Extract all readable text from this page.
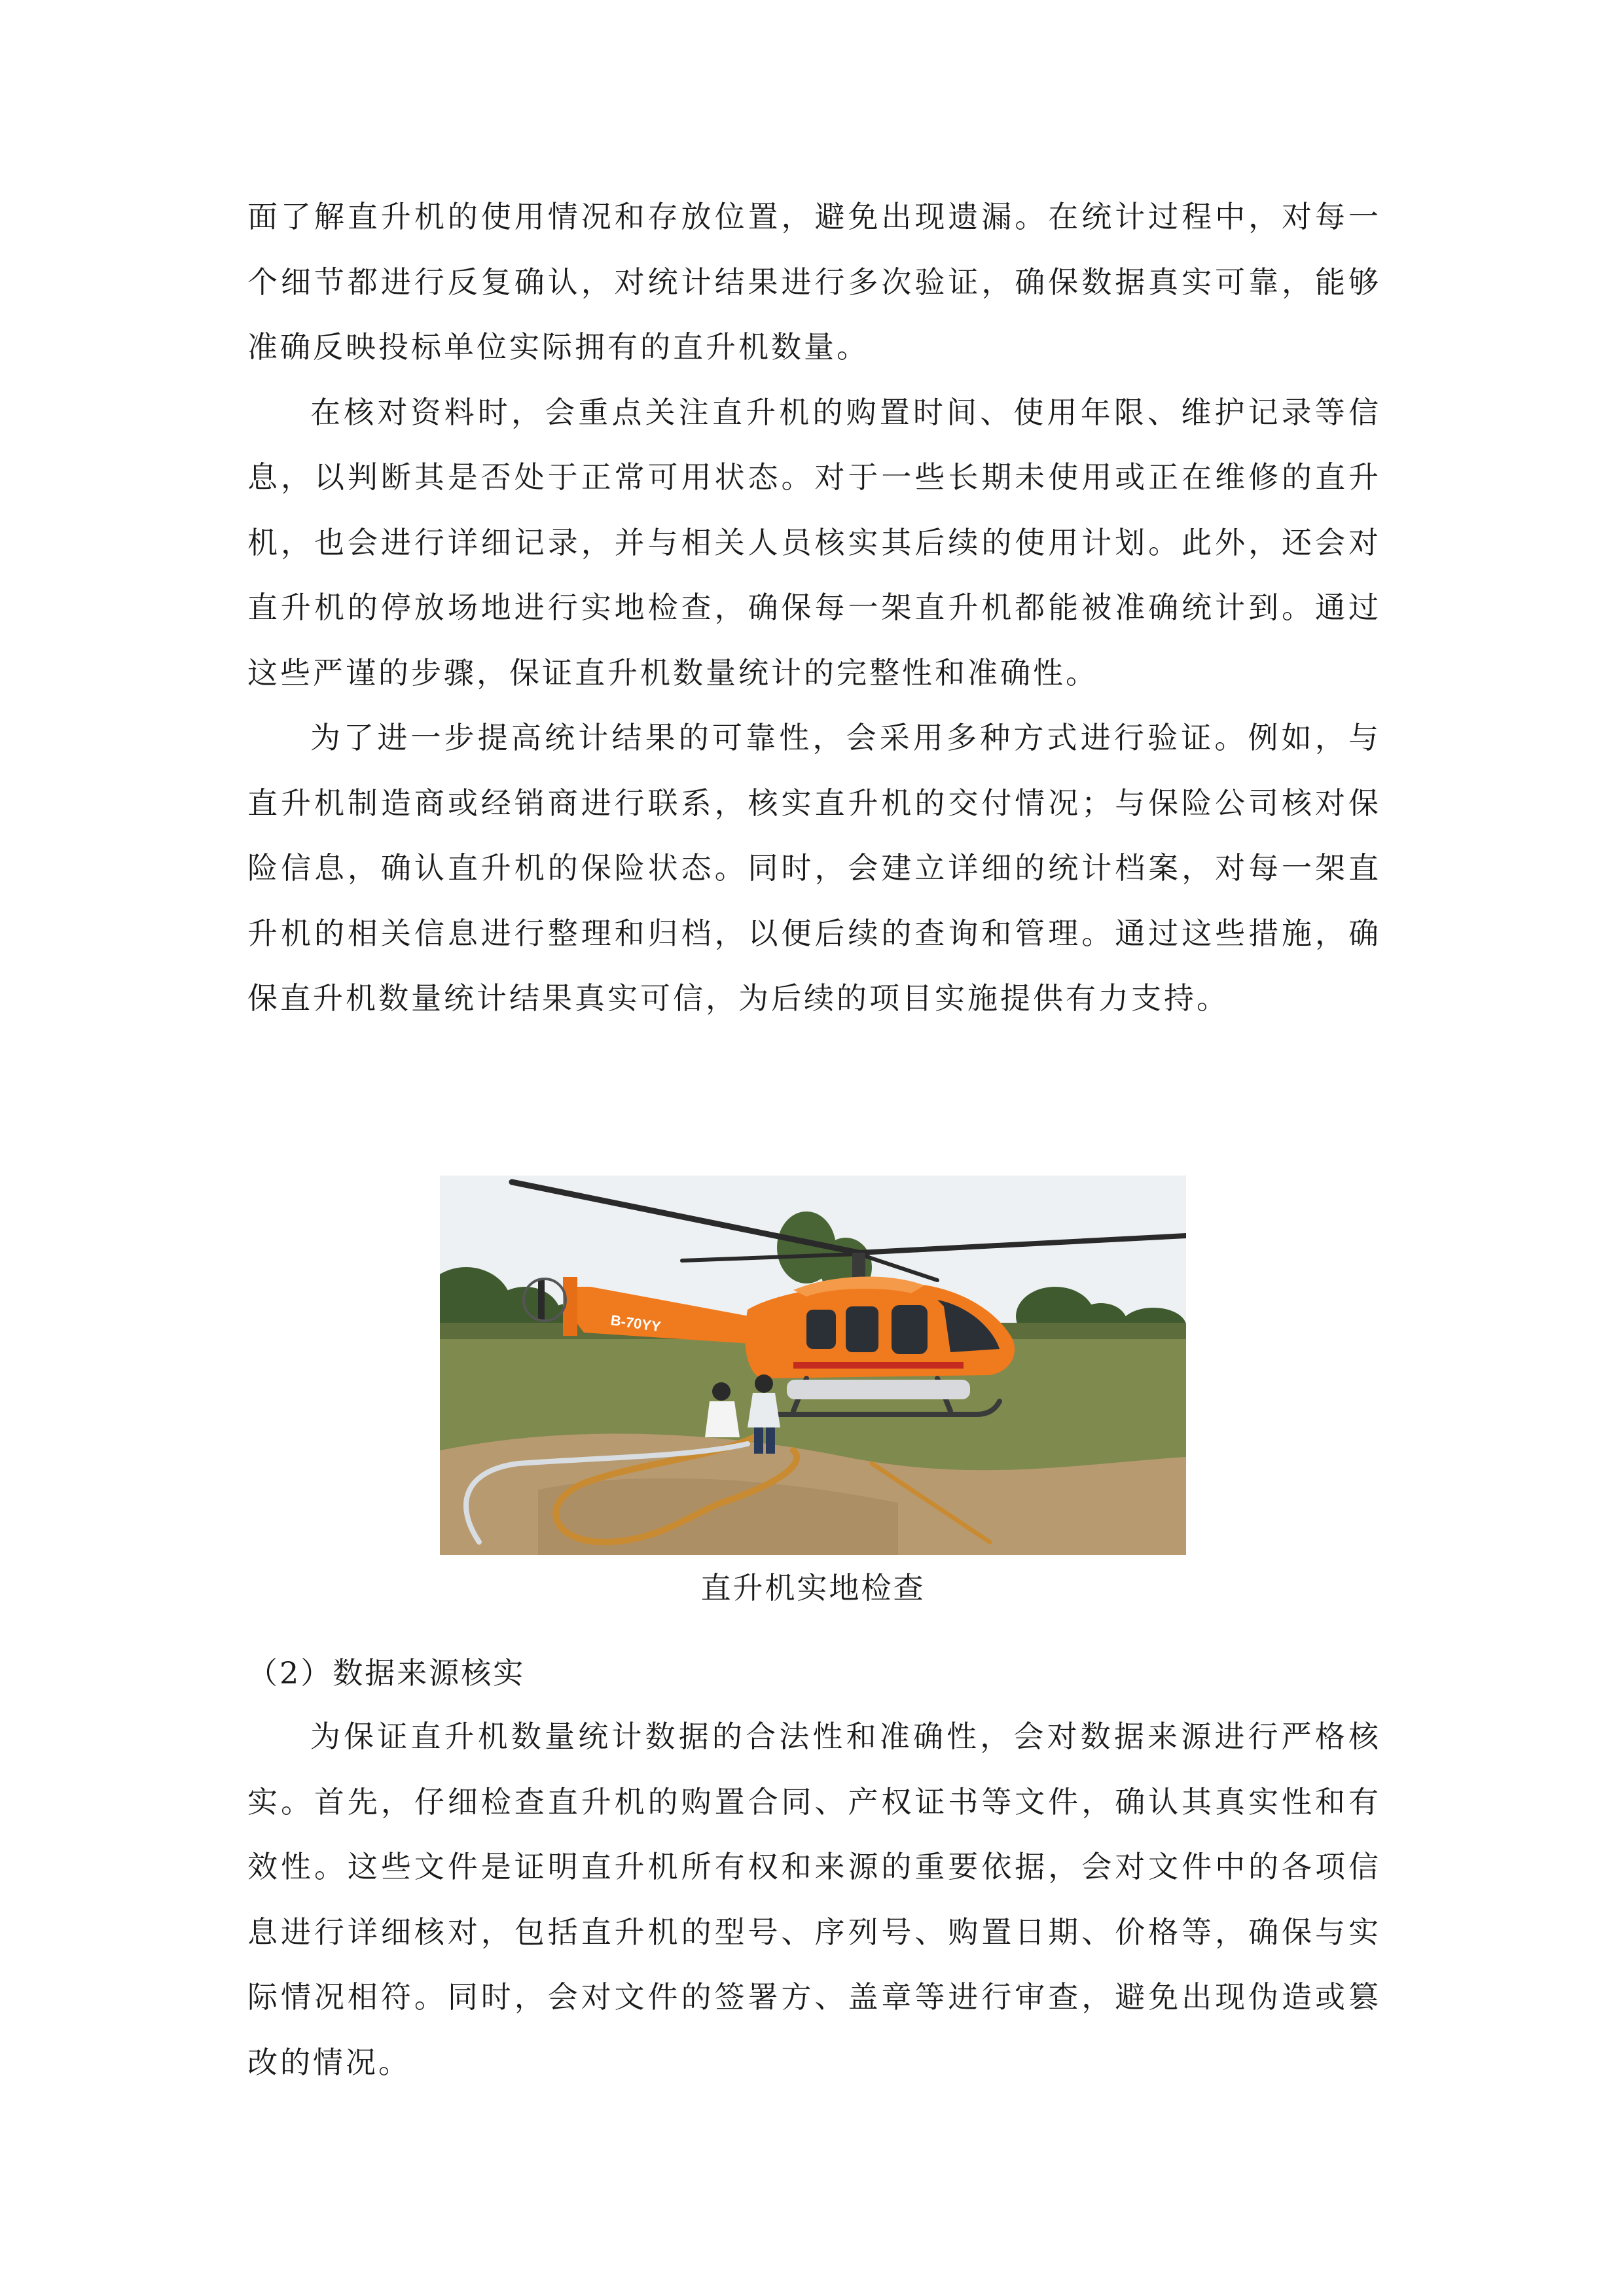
面了解直升机的使用情况和存放位置，避免出现遗漏。在统计过程中，对每一个细节都进行反复确认，对统计结果进行多次验证，确保数据真实可靠，能够准确反映投标单位实际拥有的直升机数量。

在核对资料时，会重点关注直升机的购置时间、使用年限、维护记录等信息，以判断其是否处于正常可用状态。对于一些长期未使用或正在维修的直升机，也会进行详细记录，并与相关人员核实其后续的使用计划。此外，还会对直升机的停放场地进行实地检查，确保每一架直升机都能被准确统计到。通过这些严谨的步骤，保证直升机数量统计的完整性和准确性。

为了进一步提高统计结果的可靠性，会采用多种方式进行验证。例如，与直升机制造商或经销商进行联系，核实直升机的交付情况；与保险公司核对保险信息，确认直升机的保险状态。同时，会建立详细的统计档案，对每一架直升机的相关信息进行整理和归档，以便后续的查询和管理。通过这些措施，确保直升机数量统计结果真实可信，为后续的项目实施提供有力支持。

B-70YY
直升机实地检查
（2）数据来源核实

为保证直升机数量统计数据的合法性和准确性，会对数据来源进行严格核实。首先，仔细检查直升机的购置合同、产权证书等文件，确认其真实性和有效性。这些文件是证明直升机所有权和来源的重要依据，会对文件中的各项信息进行详细核对，包括直升机的型号、序列号、购置日期、价格等，确保与实际情况相符。同时，会对文件的签署方、盖章等进行审查，避免出现伪造或篡改的情况。
